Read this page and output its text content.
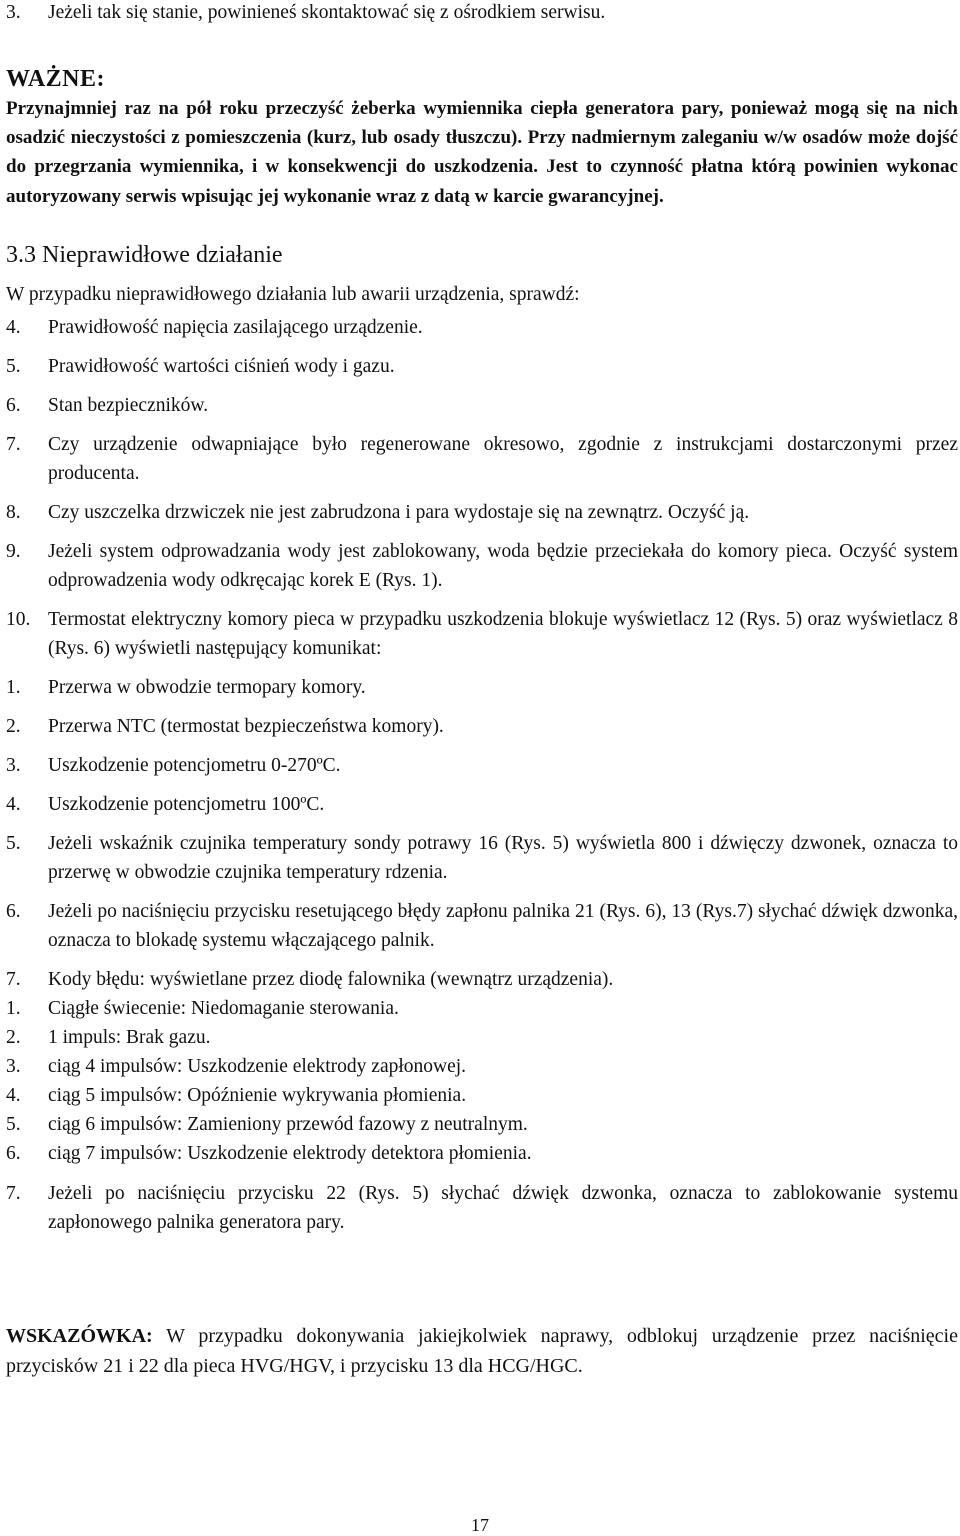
3.	Jeżeli tak się stanie, powinieneś skontaktować się z ośrodkiem serwisu.
WAŻNE:
Przynajmniej raz na pół roku przeczyść żeberka wymiennika ciepła generatora pary, ponieważ mogą się na nich osadzić nieczystości z pomieszczenia (kurz, lub osady tłuszczu). Przy nadmiernym zaleganiu w/w osadów może dojść do przegrzania wymiennika, i w konsekwencji do uszkodzenia. Jest to czynność płatna którą powinien wykonac autoryzowany serwis wpisując jej wykonanie wraz z datą w karcie gwarancyjnej.
3.3 Nieprawidłowe działanie
W przypadku nieprawidłowego działania lub awarii urządzenia, sprawdź:
4.	Prawidłowość napięcia zasilającego urządzenie.
5.	Prawidłowość wartości ciśnień wody i gazu.
6.	Stan bezpieczników.
7.	Czy urządzenie odwapniające było regenerowane okresowo, zgodnie z instrukcjami dostarczonymi przez producenta.
8.	Czy uszczelka drzwiczek nie jest zabrudzona i para wydostaje się na zewnątrz. Oczyść ją.
9.	Jeżeli system odprowadzania wody jest zablokowany, woda będzie przeciekała do komory pieca. Oczyść system odprowadzenia wody odkręcając korek E (Rys. 1).
10. Termostat elektryczny komory pieca w przypadku uszkodzenia blokuje wyświetlacz 12 (Rys. 5) oraz wyświetlacz 8 (Rys. 6) wyświetli następujący komunikat:
1.	Przerwa w obwodzie termopary komory.
2.	Przerwa NTC (termostat bezpieczeństwa komory).
3.	Uszkodzenie potencjometru 0-270ºC.
4.	Uszkodzenie potencjometru 100ºC.
5.	Jeżeli wskaźnik czujnika temperatury sondy potrawy 16 (Rys. 5) wyświetla 800 i dźwięczy dzwonek, oznacza to przerwę w obwodzie czujnika temperatury rdzenia.
6.	Jeżeli po naciśnięciu przycisku resetującego błędy zapłonu palnika 21 (Rys. 6), 13 (Rys.7) słychać dźwięk dzwonka, oznacza to blokadę systemu włączającego palnik.
7.	Kody błędu: wyświetlane przez diodę falownika (wewnątrz urządzenia).
1.	Ciągłe świecenie: Niedomaganie sterowania.
2.	1 impuls: Brak gazu.
3.	ciąg 4 impulsów: Uszkodzenie elektrody zapłonowej.
4.	ciąg 5 impulsów: Opóźnienie wykrywania płomienia.
5.	ciąg 6 impulsów: Zamieniony przewód fazowy z neutralnym.
6.	ciąg 7 impulsów: Uszkodzenie elektrody detektora płomienia.
7.	Jeżeli po naciśnięciu przycisku 22 (Rys. 5) słychać dźwięk dzwonka, oznacza to zablokowanie systemu zapłonowego palnika generatora pary.
WSKAZÓWKA: W przypadku dokonywania jakiejkolwiek naprawy, odblokuj urządzenie przez naciśnięcie przycisków 21 i 22 dla pieca HVG/HGV, i przycisku 13 dla HCG/HGC.
17
